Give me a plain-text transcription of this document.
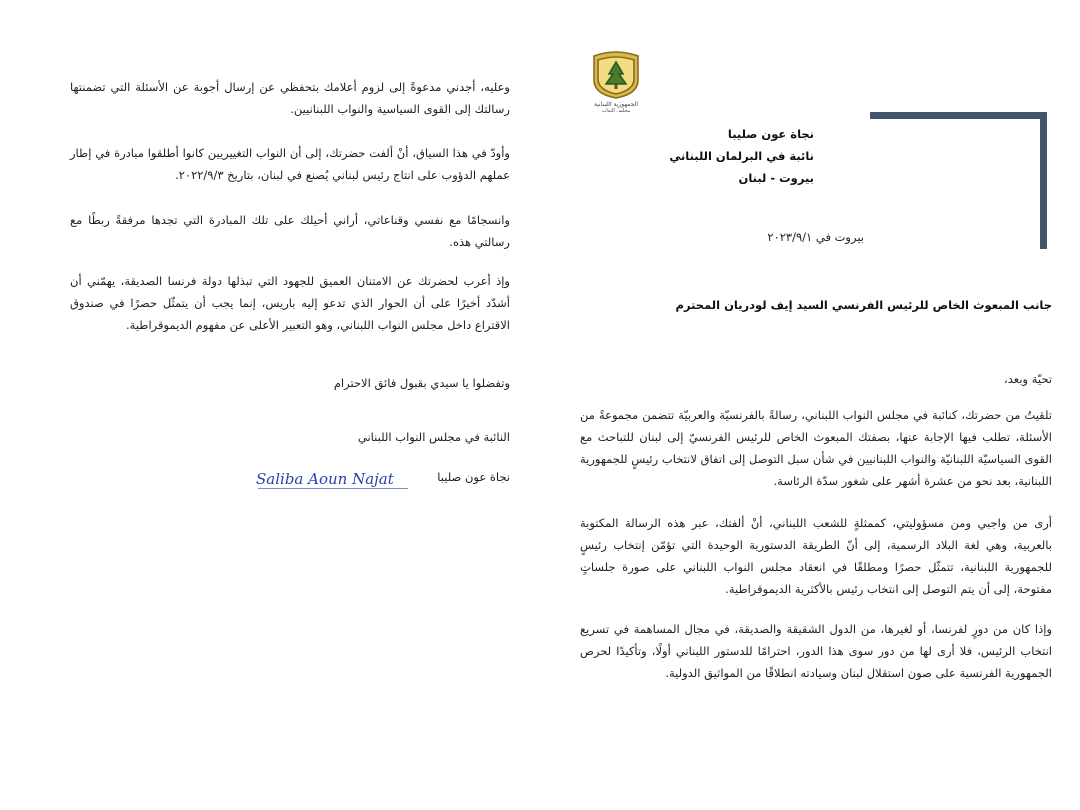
وعليه، أجدني مدعوةً إلى لزوم أعلامك بتحفظي عن إرسال أجوبة عن الأسئلة التي تضمنتها رسالتك إلى القوى السياسية والنواب اللبنانيين.

وأودّ في هذا السياق، أنْ ألفت حضرتك، إلى أن النواب التغييريين كانوا أطلقوا مبادرة في إطار عملهم الدؤوب على انتاج رئيس لبناني يُصنع في لبنان، بتاريخ ٢٠٢٢/٩/٣.

وانسجامًا مع نفسي وقناعاتي، أراني أحيلك على تلك المبادرة التي تجدها مرفقةً ربطًا مع رسالتي هذه.

وإذ أعرب لحضرتك عن الامتنان العميق للجهود التي تبذلها دولة فرنسا الصديقة، يهمّني أن أشدّد أخيرًا على أن الحوار الذي تدعو إليه باريس، إنما يجب أن يتمثّل حصرًا في صندوق الاقتراع داخل مجلس النواب اللبناني، وهو التعبير الأعلى عن مفهوم الديموقراطية.

وتفضلوا يا سيدي بقبول فائق الاحترام
النائبة في مجلس النواب اللبناني
نجاة عون صليبا
Saliba Aoun Najat
الجمهورية اللبنانية
مجلس النواب
نجاة عون صليبا
نائبة في البرلمان اللبناني
بيروت - لبنان
بيروت في ٢٠٢٣/٩/١
جانب المبعوث الخاص للرئيس الفرنسي السيد إيف لودريان المحترم
تحيّة وبعد،

تلقيتُ من حضرتك، كنائبة في مجلس النواب اللبناني، رسالةً بالفرنسيّة والعربيّة تتضمن مجموعةً من الأسئلة، تطلب فيها الإجابة عنها، بصفتك المبعوث الخاص للرئيس الفرنسيّ إلى لبنان للتباحث مع القوى السياسيّة اللبنانيّة والنواب اللبنانيين في شأن سبل التوصل إلى اتفاق لانتخاب رئيسٍ للجمهورية اللبنانية، بعد نحو من عشرة أشهر على شغور سدّة الرئاسة.

أرى من واجبي ومن مسؤوليتي، كممثلةٍ للشعب اللبناني، أنْ ألفتك، عبر هذه الرسالة المكتوبة بالعربية، وهي لغة البلاد الرسمية، إلى أنّ الطريقة الدستورية الوحيدة التي تؤمّن إنتخاب رئيسٍ للجمهورية اللبنانية، تتمثّل حصرًا ومطلقًا في انعقاد مجلس النواب اللبناني على صورة جلساتٍ مفتوحة، إلى أن يتم التوصل إلى انتخاب رئيس بالأكثرية الديموقراطية.

وإذا كان من دورٍ لفرنسا، أو لغيرها، من الدول الشقيقة والصديقة، في مجال المساهمة في تسريع انتخاب الرئيس، فلا أرى لها من دور سوى هذا الدور، احترامًا للدستور اللبناني أولًا، وتأكيدًا لحرص الجمهورية الفرنسية على صون استقلال لبنان وسيادته انطلاقًا من المواثيق الدولية.
